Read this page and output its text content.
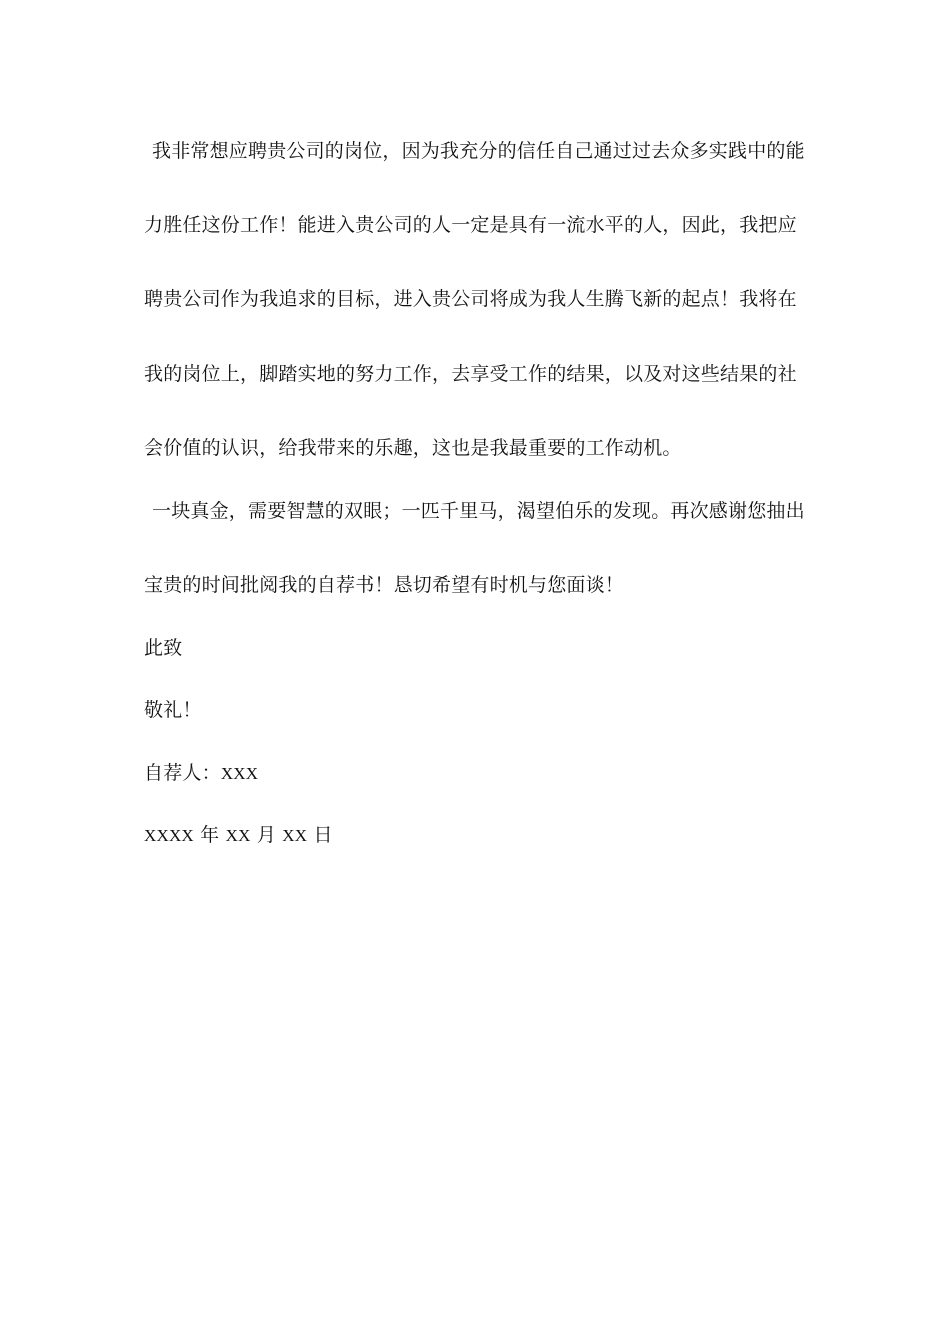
我非常想应聘贵公司的岗位，因为我充分的信任自己通过过去众多实践中的能
力胜任这份工作！能进入贵公司的人一定是具有一流水平的人，因此，我把应
聘贵公司作为我追求的目标，进入贵公司将成为我人生腾飞新的起点！我将在
我的岗位上，脚踏实地的努力工作，去享受工作的结果，以及对这些结果的社
会价值的认识，给我带来的乐趣，这也是我最重要的工作动机。
一块真金，需要智慧的双眼；一匹千里马，渴望伯乐的发现。再次感谢您抽出
宝贵的时间批阅我的自荐书！恳切希望有时机与您面谈！
此致
敬礼！
自荐人：XXX
XXXX 年 XX 月 XX 日
